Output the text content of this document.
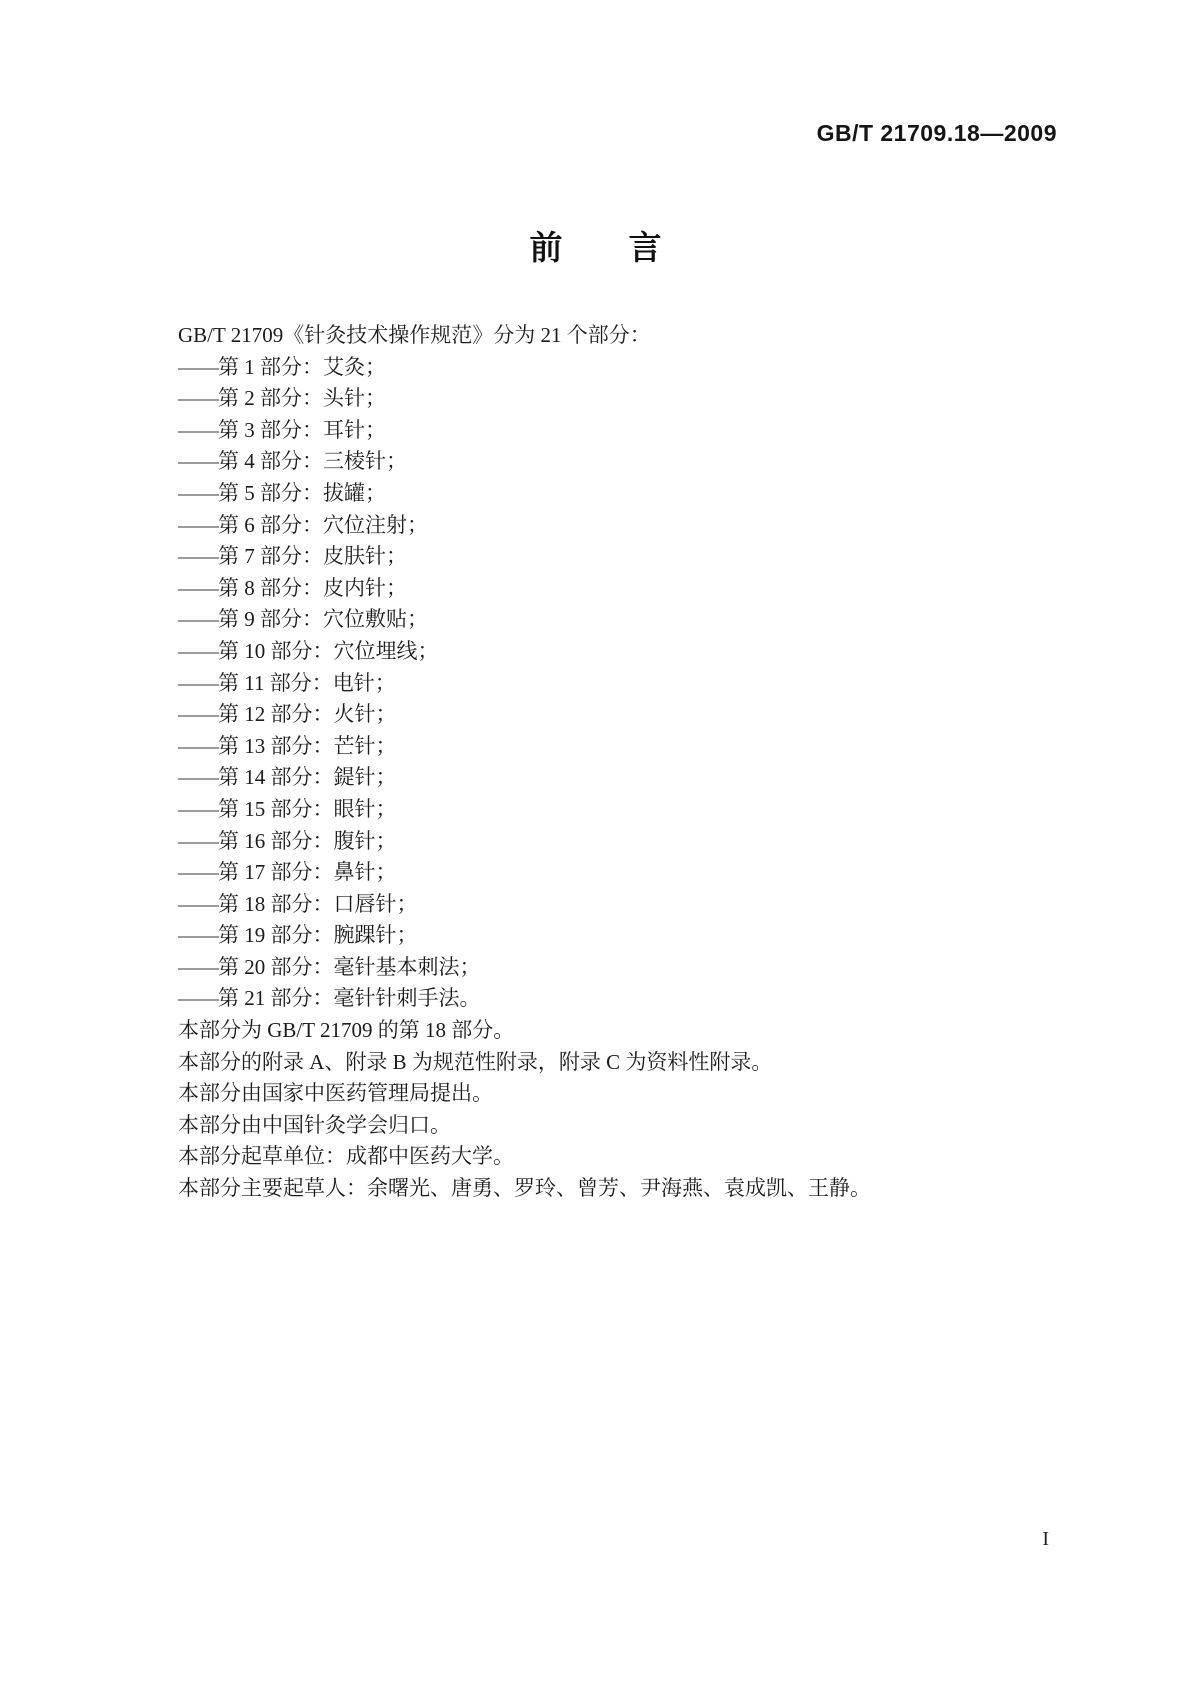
GB/T 21709.18—2009
前 言
GB/T 21709《针灸技术操作规范》分为 21 个部分：
——第 1 部分：艾灸；
——第 2 部分：头针；
——第 3 部分：耳针；
——第 4 部分：三棱针；
——第 5 部分：拔罐；
——第 6 部分：穴位注射；
——第 7 部分：皮肤针；
——第 8 部分：皮内针；
——第 9 部分：穴位敷贴；
——第 10 部分：穴位埋线；
——第 11 部分：电针；
——第 12 部分：火针；
——第 13 部分：芒针；
——第 14 部分：鍉针；
——第 15 部分：眼针；
——第 16 部分：腹针；
——第 17 部分：鼻针；
——第 18 部分：口唇针；
——第 19 部分：腕踝针；
——第 20 部分：毫针基本刺法；
——第 21 部分：毫针针刺手法。
本部分为 GB/T 21709 的第 18 部分。
本部分的附录 A、附录 B 为规范性附录，附录 C 为资料性附录。
本部分由国家中医药管理局提出。
本部分由中国针灸学会归口。
本部分起草单位：成都中医药大学。
本部分主要起草人：余曙光、唐勇、罗玲、曾芳、尹海燕、袁成凯、王静。
I
